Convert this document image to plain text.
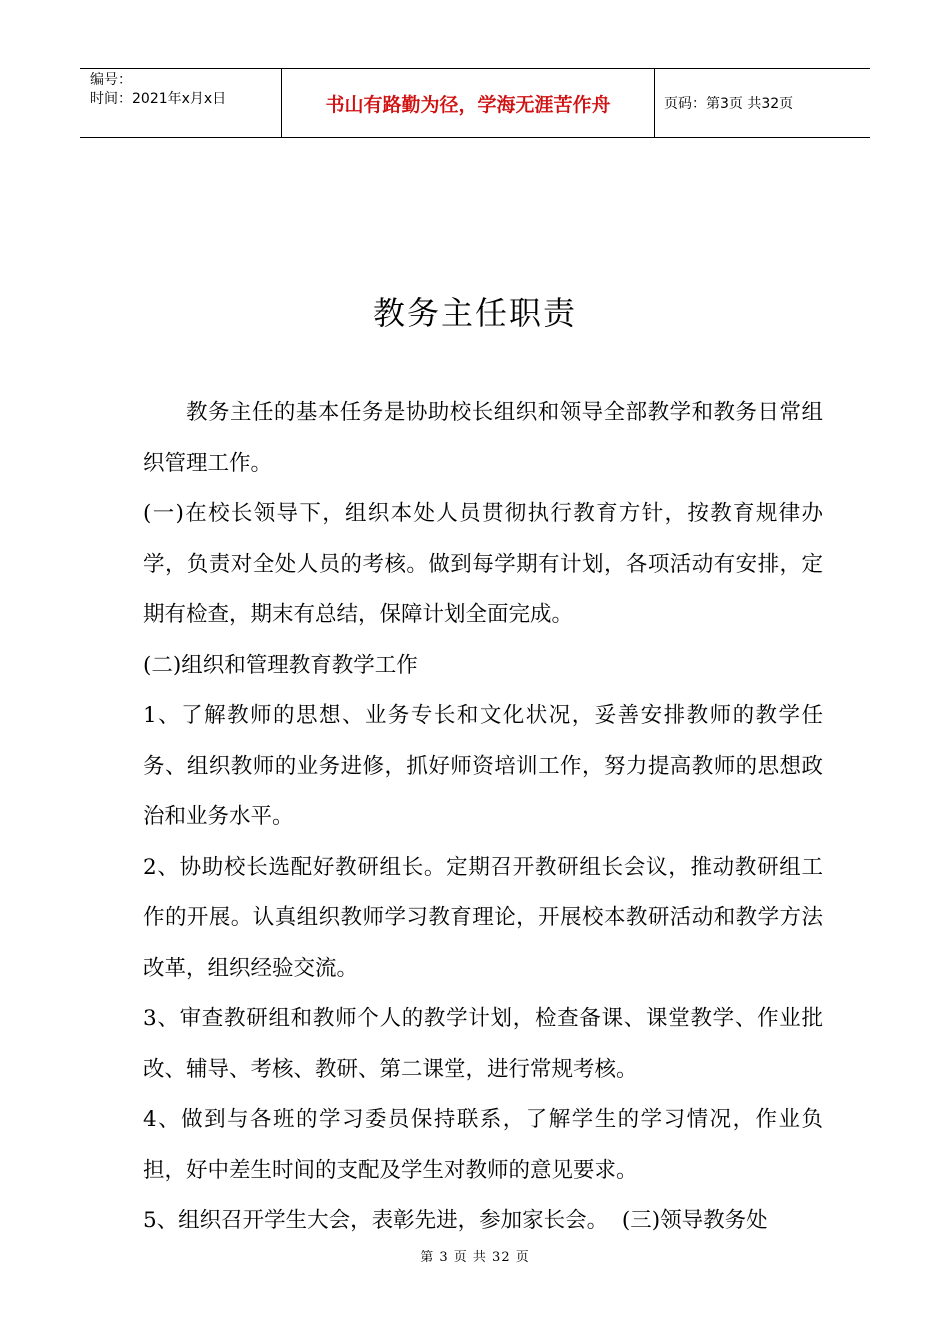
编号：
时间：2021年x月x日	书山有路勤为径，学海无涯苦作舟	页码：第3页 共32页
教务主任职责

教务主任的基本任务是协助校长组织和领导全部教学和教务日常组织管理工作。

(一)在校长领导下，组织本处人员贯彻执行教育方针，按教育规律办学，负责对全处人员的考核。做到每学期有计划，各项活动有安排，定期有检查，期末有总结，保障计划全面完成。

(二)组织和管理教育教学工作

1、了解教师的思想、业务专长和文化状况，妥善安排教师的教学任务、组织教师的业务进修，抓好师资培训工作，努力提高教师的思想政治和业务水平。

2、协助校长选配好教研组长。定期召开教研组长会议，推动教研组工作的开展。认真组织教师学习教育理论，开展校本教研活动和教学方法改革，组织经验交流。

3、审查教研组和教师个人的教学计划，检查备课、课堂教学、作业批改、辅导、考核、教研、第二课堂，进行常规考核。

4、做到与各班的学习委员保持联系，了解学生的学习情况，作业负担，好中差生时间的支配及学生对教师的意见要求。

5、组织召开学生大会，表彰先进，参加家长会。  (三)领导教务处

第 3 页 共 32 页
